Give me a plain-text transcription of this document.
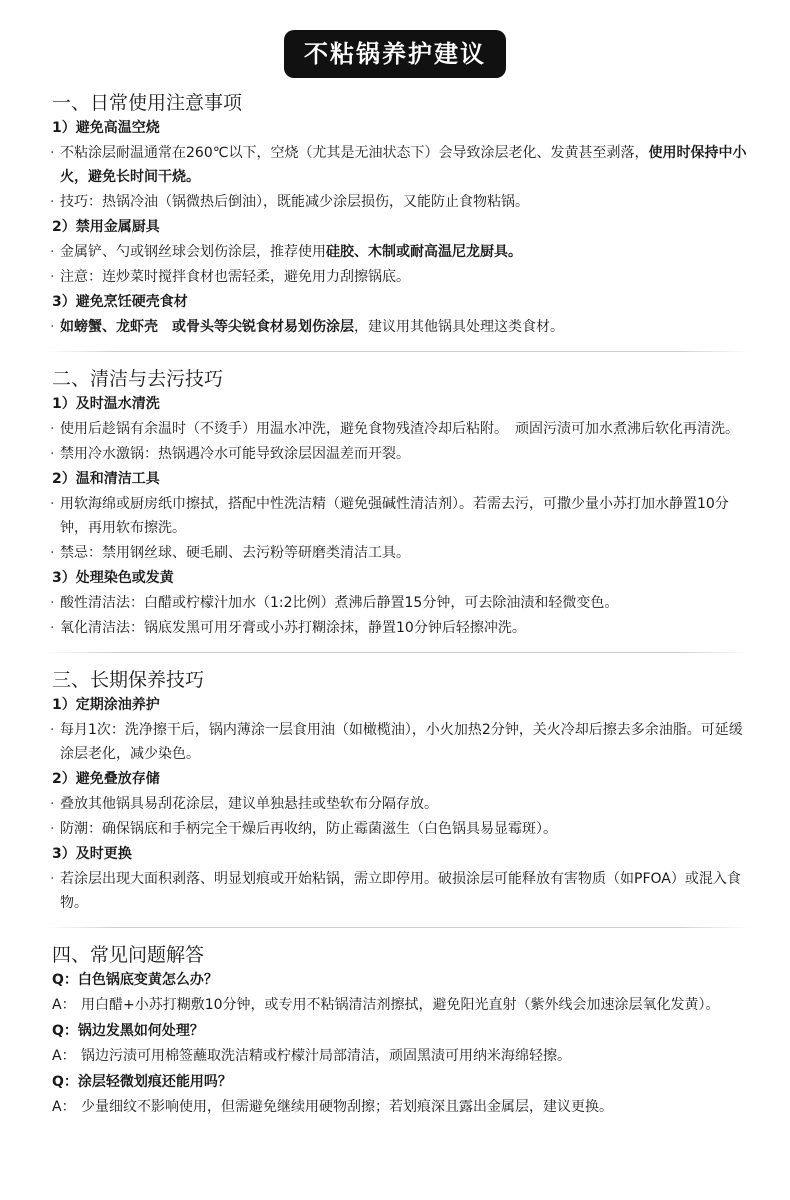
不粘锅养护建议
一、日常使用注意事项
1）避免高温空烧
· 不粘涂层耐温通常在260℃以下，空烧（尤其是无油状态下）会导致涂层老化、发黄甚至剥落，使用时保持中小火，避免长时间干烧。
· 技巧：热锅冷油（锅微热后倒油），既能减少涂层损伤，又能防止食物粘锅。
2）禁用金属厨具
· 金属铲、勺或钢丝球会划伤涂层，推荐使用硅胶、木制或耐高温尼龙厨具。
· 注意：连炒菜时搅拌食材也需轻柔，避免用力刮擦锅底。
3）避免烹饪硬壳食材
· 如螃蟹、龙虾壳　或骨头等尖锐食材易划伤涂层，建议用其他锅具处理这类食材。
二、清洁与去污技巧
1）及时温水清洗
· 使用后趁锅有余温时（不烫手）用温水冲洗，避免食物残渣冷却后粘附。　顽固污渍可加水煮沸后软化再清洗。
· 禁用冷水激锅：热锅遇冷水可能导致涂层因温差而开裂。
2）温和清洁工具
· 用软海绵或厨房纸巾擦拭，搭配中性洗洁精（避免强碱性清洁剂）。若需去污，可撒少量小苏打加水静置10分钟，再用软布擦洗。
· 禁忌：禁用钢丝球、硬毛刷、去污粉等研磨类清洁工具。
3）处理染色或发黄
· 酸性清洁法：白醋或柠檬汁加水（1:2比例）煮沸后静置15分钟，可去除油渍和轻微变色。
· 氧化清洁法：锅底发黑可用牙膏或小苏打糊涂抹，静置10分钟后轻擦冲洗。
三、长期保养技巧
1）定期涂油养护
· 每月1次：洗净擦干后，锅内薄涂一层食用油（如橄榄油），小火加热2分钟，关火冷却后擦去多余油脂。可延缓涂层老化，减少染色。
2）避免叠放存储
· 叠放其他锅具易刮花涂层，建议单独悬挂或垫软布分隔存放。
· 防潮：确保锅底和手柄完全干燥后再收纳，防止霉菌滋生（白色锅具易显霉斑）。
3）及时更换
· 若涂层出现大面积剥落、明显划痕或开始粘锅，需立即停用。破损涂层可能释放有害物质（如PFOA）或混入食物。
四、常见问题解答
Q：白色锅底变黄怎么办？
A： 用白醋+小苏打糊敷10分钟，或专用不粘锅清洁剂擦拭，避免阳光直射（紫外线会加速涂层氧化发黄）。
Q：锅边发黑如何处理？
A： 锅边污渍可用棉签蘸取洗洁精或柠檬汁局部清洁，顽固黑渍可用纳米海绵轻擦。
Q：涂层轻微划痕还能用吗？
A： 少量细纹不影响使用，但需避免继续用硬物刮擦；若划痕深且露出金属层，建议更换。
